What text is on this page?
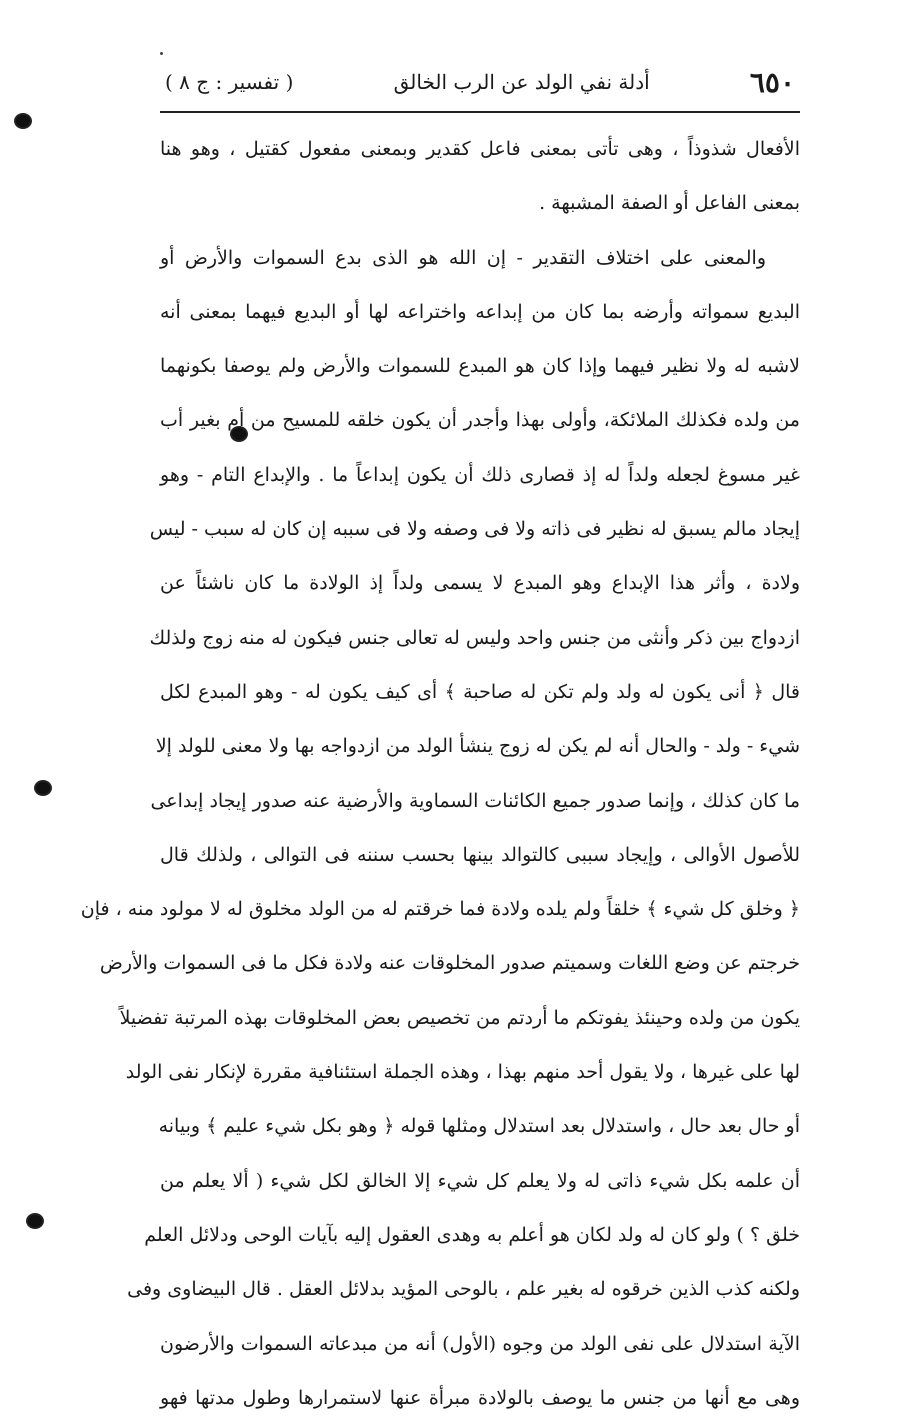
٦٥٠
أدلة نفي الولد عن الرب الخالق
( تفسير : ج ٨ )
الأفعال شذوذاً ، وهى تأتى بمعنى فاعل كقدير وبمعنى مفعول كقتيل ، وهو هنا
بمعنى الفاعل أو الصفة المشبهة .
والمعنى على اختلاف التقدير - إن الله هو الذى بدع السموات والأرض أو
البديع سمواته وأرضه بما كان من إبداعه واختراعه لها أو البديع فيهما بمعنى أنه
لاشبه له ولا نظير فيهما وإذا كان هو المبدع للسموات والأرض ولم يوصفا بكونهما
من ولده فكذلك الملائكة، وأولى بهذا وأجدر أن يكون خلقه للمسيح من أم بغير أب
غير مسوغ لجعله ولداً له إذ قصارى ذلك أن يكون إبداعاً ما . والإبداع التام - وهو
إيجاد مالم يسبق له نظير فى ذاته ولا فى وصفه ولا فى سببه إن كان له سبب - ليس
ولادة ، وأثر هذا الإبداع وهو المبدع لا يسمى ولداً إذ الولادة ما كان ناشئاً عن
ازدواج بين ذكر وأنثى من جنس واحد وليس له تعالى جنس فيكون له منه زوج ولذلك
قال ﴿ أنى يكون له ولد ولم تكن له صاحبة ﴾ أى كيف يكون له - وهو المبدع لكل
شيء - ولد - والحال أنه لم يكن له زوج ينشأ الولد من ازدواجه بها ولا معنى للولد إلا
ما كان كذلك ، وإنما صدور جميع الكائنات السماوية والأرضية عنه صدور إيجاد إبداعى
للأصول الأوالى ، وإيجاد سببى كالتوالد بينها بحسب سننه فى التوالى ، ولذلك قال
﴿ وخلق كل شيء ﴾ خلقاً ولم يلده ولادة فما خرقتم له من الولد مخلوق له لا مولود منه ، فإن
خرجتم عن وضع اللغات وسميتم صدور المخلوقات عنه ولادة فكل ما فى السموات والأرض
يكون من ولده وحينئذ يفوتكم ما أردتم من تخصيص بعض المخلوقات بهذه المرتبة تفضيلاً
لها على غيرها ، ولا يقول أحد منهم بهذا ، وهذه الجملة استئنافية مقررة لإنكار نفى الولد
أو حال بعد حال ، واستدلال بعد استدلال ومثلها قوله ﴿ وهو بكل شيء عليم ﴾ وبيانه
أن علمه بكل شيء ذاتى له ولا يعلم كل شيء إلا الخالق لكل شيء ( ألا يعلم من
خلق ؟ ) ولو كان له ولد لكان هو أعلم به وهدى العقول إليه بآيات الوحى ودلائل العلم
ولكنه كذب الذين خرقوه له بغير علم ، بالوحى المؤيد بدلائل العقل . قال البيضاوى وفى
الآية استدلال على نفى الولد من وجوه (الأول) أنه من مبدعاته السموات والأرضون
وهى مع أنها من جنس ما يوصف بالولادة مبرأة عنها لاستمرارها وطول مدتها فهو
